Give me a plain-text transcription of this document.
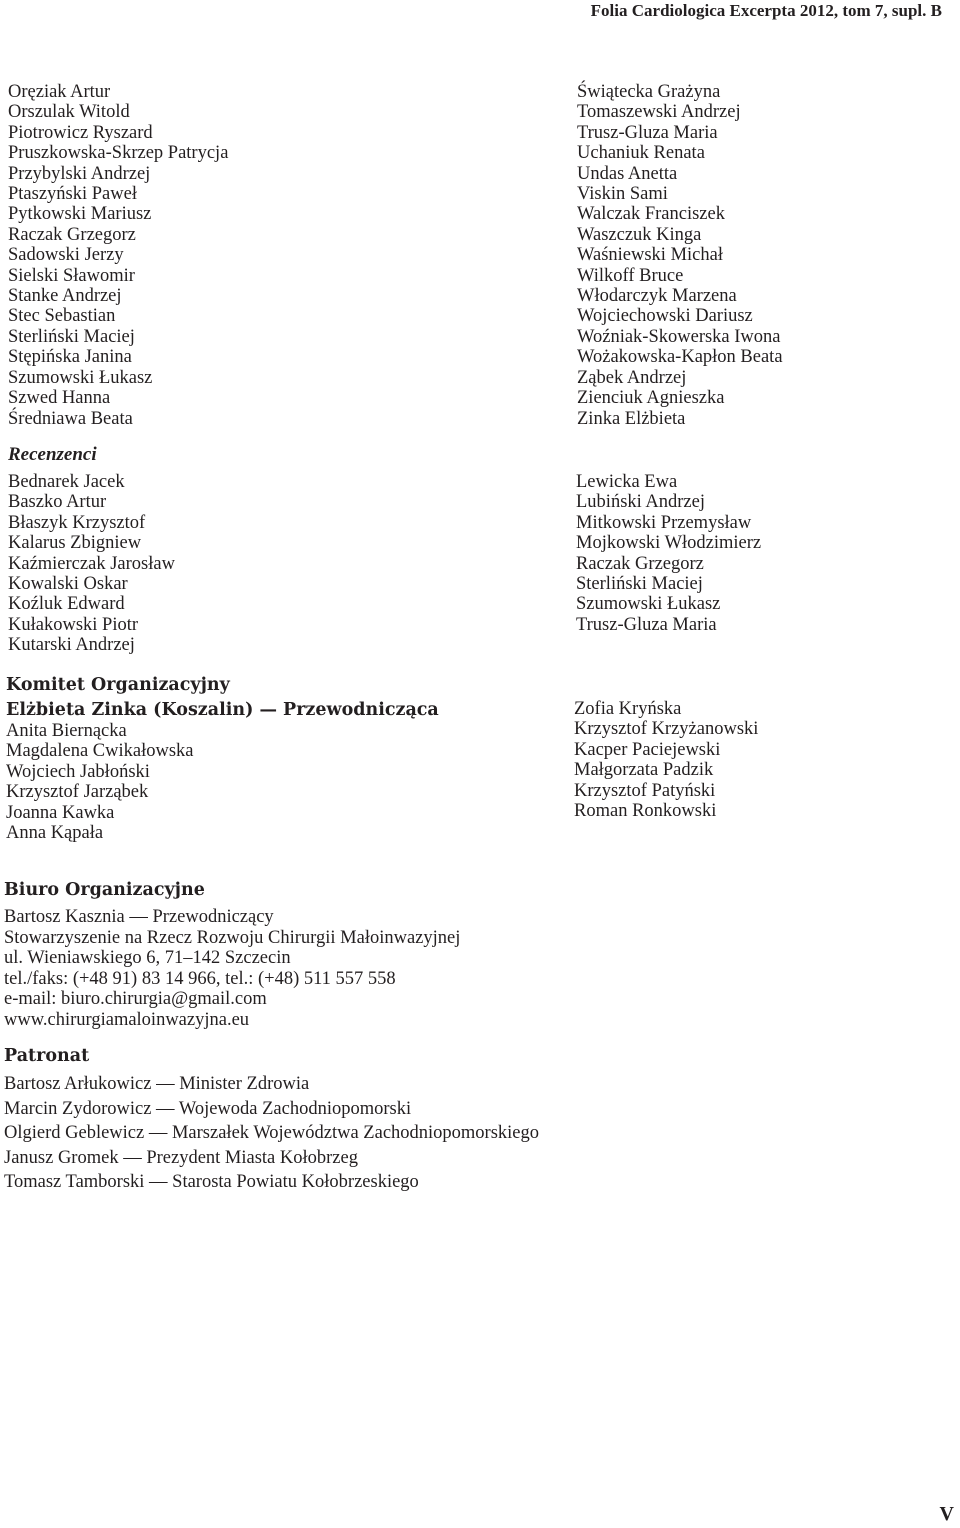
Folia Cardiologica Excerpta 2012, tom 7, supl. B
Oręziak Artur
Orszulak Witold
Piotrowicz Ryszard
Pruszkowska-Skrzep Patrycja
Przybylski Andrzej
Ptaszyński Paweł
Pytkowski Mariusz
Raczak Grzegorz
Sadowski Jerzy
Sielski Sławomir
Stanke Andrzej
Stec Sebastian
Sterliński Maciej
Stępińska Janina
Szumowski Łukasz
Szwed Hanna
Średniawa Beata
Świątecka Grażyna
Tomaszewski Andrzej
Trusz-Gluza Maria
Uchaniuk Renata
Undas Anetta
Viskin Sami
Walczak Franciszek
Waszczuk Kinga
Waśniewski Michał
Wilkoff Bruce
Włodarczyk Marzena
Wojciechowski Dariusz
Woźniak-Skowerska Iwona
Wożakowska-Kapłon Beata
Ząbek Andrzej
Zienciuk Agnieszka
Zinka Elżbieta
Recenzenci
Bednarek Jacek
Baszko Artur
Błaszyk Krzysztof
Kalarus Zbigniew
Kaźmierczak Jarosław
Kowalski Oskar
Koźluk Edward
Kułakowski Piotr
Kutarski Andrzej
Lewicka Ewa
Lubiński Andrzej
Mitkowski Przemysław
Mojkowski Włodzimierz
Raczak Grzegorz
Sterliński Maciej
Szumowski Łukasz
Trusz-Gluza Maria
Komitet Organizacyjny
Elżbieta Zinka (Koszalin) — Przewodnicząca
Anita Biernącka
Magdalena Cwikałowska
Wojciech Jabłoński
Krzysztof Jarząbek
Joanna Kawka
Anna Kąpała
Zofia Kryńska
Krzysztof Krzyżanowski
Kacper Paciejewski
Małgorzata Padzik
Krzysztof Patyński
Roman Ronkowski
Biuro Organizacyjne
Bartosz Kasznia — Przewodniczący
Stowarzyszenie na Rzecz Rozwoju Chirurgii Małoinwazyjnej
ul. Wieniawskiego 6, 71–142 Szczecin
tel./faks: (+48 91) 83 14 966, tel.: (+48) 511 557 558
e-mail: biuro.chirurgia@gmail.com
www.chirurgiamaloinwazyjna.eu
Patronat
Bartosz Arłukowicz — Minister Zdrowia
Marcin Zydorowicz — Wojewoda Zachodniopomorski
Olgierd Geblewicz — Marszałek Województwa Zachodniopomorskiego
Janusz Gromek — Prezydent Miasta Kołobrzeg
Tomasz Tamborski — Starosta Powiatu Kołobrzeskiego
V
